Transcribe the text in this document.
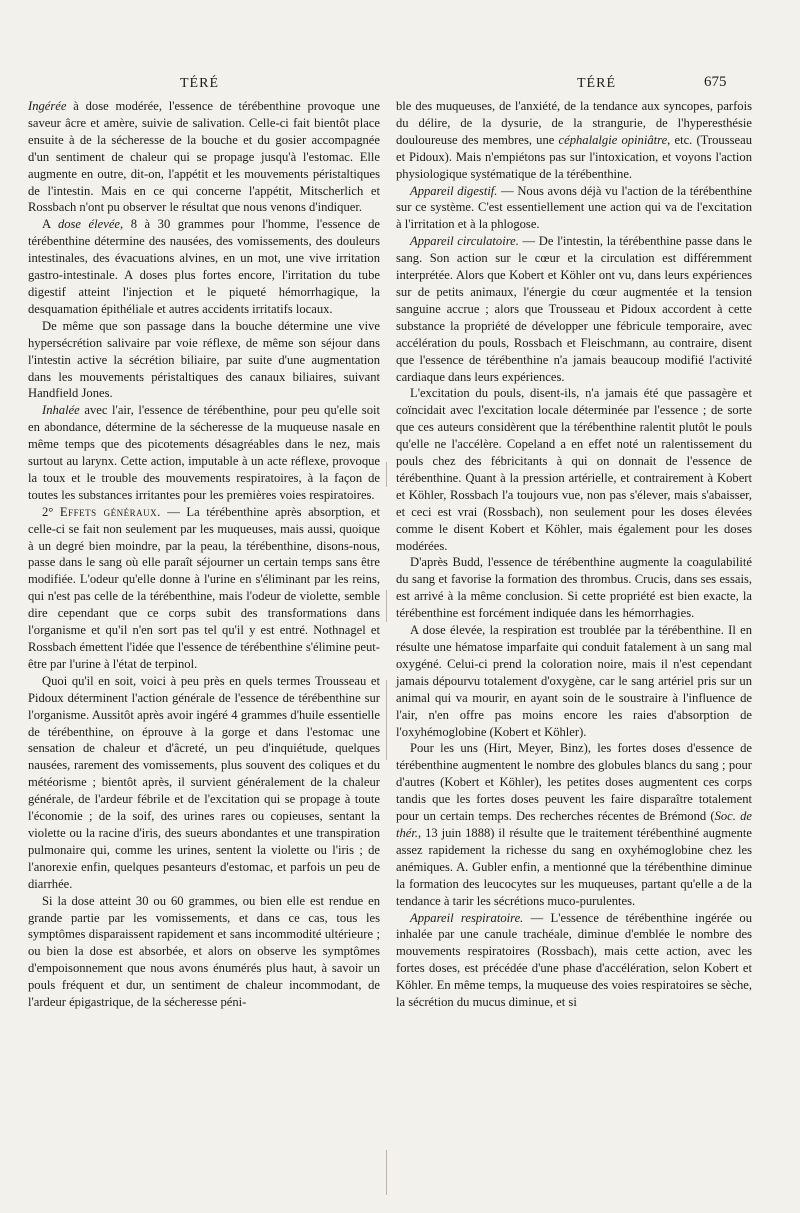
TÉRÉ	TÉRÉ	675

Ingérée à dose modérée, l'essence de térébenthine provoque une saveur âcre et amère, suivie de salivation. Celle-ci fait bientôt place ensuite à de la sécheresse de la bouche et du gosier accompagnée d'un sentiment de chaleur qui se propage jusqu'à l'estomac. Elle augmente en outre, dit-on, l'appétit et les mouvements péristaltiques de l'intestin. Mais en ce qui concerne l'appétit, Mitscherlich et Rossbach n'ont pu observer le résultat que nous venons d'indiquer.

A dose élevée, 8 à 30 grammes pour l'homme, l'essence de térébenthine détermine des nausées, des vomissements, des douleurs intestinales, des évacuations alvines, en un mot, une vive irritation gastro-intestinale. A doses plus fortes encore, l'irritation du tube digestif atteint l'injection et le piqueté hémorrhagique, la desquamation épithéliale et autres accidents irritatifs locaux.

De même que son passage dans la bouche détermine une vive hypersécrétion salivaire par voie réflexe, de même son séjour dans l'intestin active la sécrétion biliaire, par suite d'une augmentation dans les mouvements péristaltiques des canaux biliaires, suivant Handfield Jones.

Inhalée avec l'air, l'essence de térébenthine, pour peu qu'elle soit en abondance, détermine de la sécheresse de la muqueuse nasale en même temps que des picotements désagréables dans le nez, mais surtout au larynx. Cette action, imputable à un acte réflexe, provoque la toux et le trouble des mouvements respiratoires, à la façon de toutes les substances irritantes pour les premières voies respiratoires.

2° Effets généraux. — La térébenthine après absorption, et celle-ci se fait non seulement par les muqueuses, mais aussi, quoique à un degré bien moindre, par la peau, la térébenthine, disons-nous, passe dans le sang où elle paraît séjourner un certain temps sans être modifiée. L'odeur qu'elle donne à l'urine en s'éliminant par les reins, qui n'est pas celle de la térébenthine, mais l'odeur de violette, semble dire cependant que ce corps subit des transformations dans l'organisme et qu'il n'en sort pas tel qu'il y est entré. Nothnagel et Rossbach émettent l'idée que l'essence de térébenthine s'élimine peut-être par l'urine à l'état de terpinol.

Quoi qu'il en soit, voici à peu près en quels termes Trousseau et Pidoux déterminent l'action générale de l'essence de térébenthine sur l'organisme. Aussitôt après avoir ingéré 4 grammes d'huile essentielle de térébenthine, on éprouve à la gorge et dans l'estomac une sensation de chaleur et d'âcreté, un peu d'inquiétude, quelques nausées, rarement des vomissements, plus souvent des coliques et du météorisme ; bientôt après, il survient généralement de la chaleur générale, de l'ardeur fébrile et de l'excitation qui se propage à toute l'économie ; de la soif, des urines rares ou copieuses, sentant la violette ou la racine d'iris, des sueurs abondantes et une transpiration pulmonaire qui, comme les urines, sentent la violette ou l'iris ; de l'anorexie enfin, quelques pesanteurs d'estomac, et parfois un peu de diarrhée.

Si la dose atteint 30 ou 60 grammes, ou bien elle est rendue en grande partie par les vomissements, et dans ce cas, tous les symptômes disparaissent rapidement et sans incommodité ultérieure ; ou bien la dose est absorbée, et alors on observe les symptômes d'empoisonnement que nous avons énumérés plus haut, à savoir un pouls fréquent et dur, un sentiment de chaleur incommodant, de l'ardeur épigastrique, de la sécheresse péni-

ble des muqueuses, de l'anxiété, de la tendance aux syncopes, parfois du délire, de la dysurie, de la strangurie, de l'hyperesthésie douloureuse des membres, une céphalalgie opiniâtre, etc. (Trousseau et Pidoux). Mais n'empiétons pas sur l'intoxication, et voyons l'action physiologique systématique de la térébenthine.

Appareil digestif. — Nous avons déjà vu l'action de la térébenthine sur ce système. C'est essentiellement une action qui va de l'excitation à l'irritation et à la phlogose.

Appareil circulatoire. — De l'intestin, la térébenthine passe dans le sang. Son action sur le cœur et la circulation est différemment interprétée. Alors que Kobert et Köhler ont vu, dans leurs expériences sur de petits animaux, l'énergie du cœur augmentée et la tension sanguine accrue ; alors que Trousseau et Pidoux accordent à cette substance la propriété de développer une fébricule temporaire, avec accélération du pouls, Rossbach et Fleischmann, au contraire, disent que l'essence de térébenthine n'a jamais beaucoup modifié l'activité cardiaque dans leurs expériences.

L'excitation du pouls, disent-ils, n'a jamais été que passagère et coïncidait avec l'excitation locale déterminée par l'essence ; de sorte que ces auteurs considèrent que la térébenthine ralentit plutôt le pouls qu'elle ne l'accélère. Copeland a en effet noté un ralentissement du pouls chez des fébricitants à qui on donnait de l'essence de térébenthine. Quant à la pression artérielle, et contrairement à Kobert et Köhler, Rossbach l'a toujours vue, non pas s'élever, mais s'abaisser, et ceci est vrai (Rossbach), non seulement pour les doses élevées comme le disent Kobert et Köhler, mais également pour les doses modérées.

D'après Budd, l'essence de térébenthine augmente la coagulabilité du sang et favorise la formation des thrombus. Crucis, dans ses essais, est arrivé à la même conclusion. Si cette propriété est bien exacte, la térébenthine est forcément indiquée dans les hémorrhagies.

A dose élevée, la respiration est troublée par la térébenthine. Il en résulte une hématose imparfaite qui conduit fatalement à un sang mal oxygéné. Celui-ci prend la coloration noire, mais il n'est cependant jamais dépourvu totalement d'oxygène, car le sang artériel pris sur un animal qui va mourir, en ayant soin de le soustraire à l'influence de l'air, n'en offre pas moins encore les raies d'absorption de l'oxyhémoglobine (Kobert et Köhler).

Pour les uns (Hirt, Meyer, Binz), les fortes doses d'essence de térébenthine augmentent le nombre des globules blancs du sang ; pour d'autres (Kobert et Köhler), les petites doses augmentent ces corps tandis que les fortes doses peuvent les faire disparaître totalement pour un certain temps. Des recherches récentes de Brémond (Soc. de thér., 13 juin 1888) il résulte que le traitement térébenthiné augmente assez rapidement la richesse du sang en oxyhémoglobine chez les anémiques. A. Gubler enfin, a mentionné que la térébenthine diminue la formation des leucocytes sur les muqueuses, partant qu'elle a de la tendance à tarir les sécrétions muco-purulentes.

Appareil respiratoire. — L'essence de térébenthine ingérée ou inhalée par une canule trachéale, diminue d'emblée le nombre des mouvements respiratoires (Rossbach), mais cette action, avec les fortes doses, est précédée d'une phase d'accélération, selon Kobert et Köhler. En même temps, la muqueuse des voies respiratoires se sèche, la sécrétion du mucus diminue, et si
